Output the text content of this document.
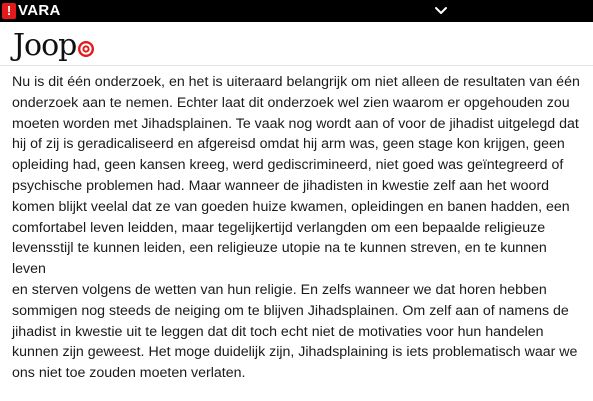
! VARA
Joop

Nu is dit één onderzoek, en het is uiteraard belangrijk om niet alleen de resultaten van één
onderzoek aan te nemen. Echter laat dit onderzoek wel zien waarom er opgehouden zou
moeten worden met Jihadsplainen. Te vaak nog wordt aan of voor de jihadist uitgelegd dat
hij of zij is geradicaliseerd en afgereisd omdat hij arm was, geen stage kon krijgen, geen
opleiding had, geen kansen kreeg, werd gediscrimineerd, niet goed was geïntegreerd of
psychische problemen had. Maar wanneer de jihadisten in kwestie zelf aan het woord
komen blijkt veelal dat ze van goeden huize kwamen, opleidingen en banen hadden, een
comfortabel leven leidden, maar tegelijkertijd verlangden om een bepaalde religieuze
levensstijl te kunnen leiden, een religieuze utopie na te kunnen streven, en te kunnen leven
en sterven volgens de wetten van hun religie. En zelfs wanneer we dat horen hebben
sommigen nog steeds de neiging om te blijven Jihadsplainen. Om zelf aan of namens de
jihadist in kwestie uit te leggen dat dit toch echt niet de motivaties voor hun handelen
kunnen zijn geweest. Het moge duidelijk zijn, Jihadsplaining is iets problematisch waar we
ons niet toe zouden moeten verlaten.
